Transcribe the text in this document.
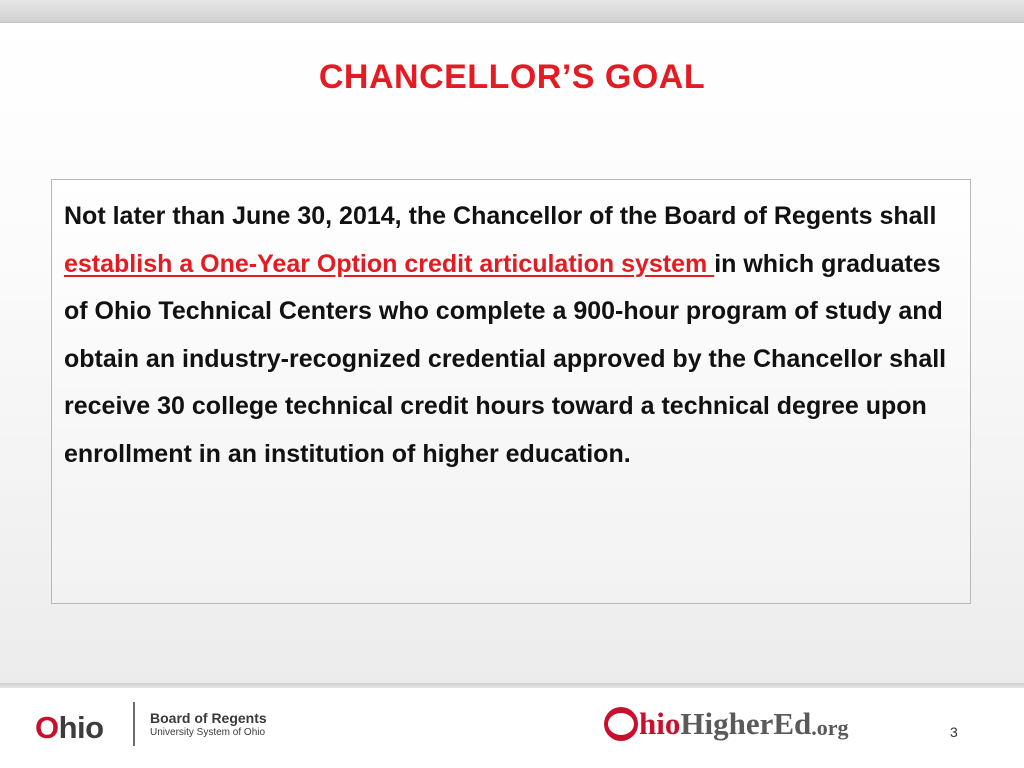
CHANCELLOR’S GOAL

Not later than June 30, 2014, the Chancellor of the Board of Regents shall establish a One-Year Option credit articulation system in which graduates of Ohio Technical Centers who complete a 900-hour program of study and obtain an industry-recognized credential approved by the Chancellor shall receive 30 college technical credit hours toward a technical degree upon enrollment in an institution of higher education.

Ohio	Board of Regents
University System of Ohio	hio Higher Ed .org	3
